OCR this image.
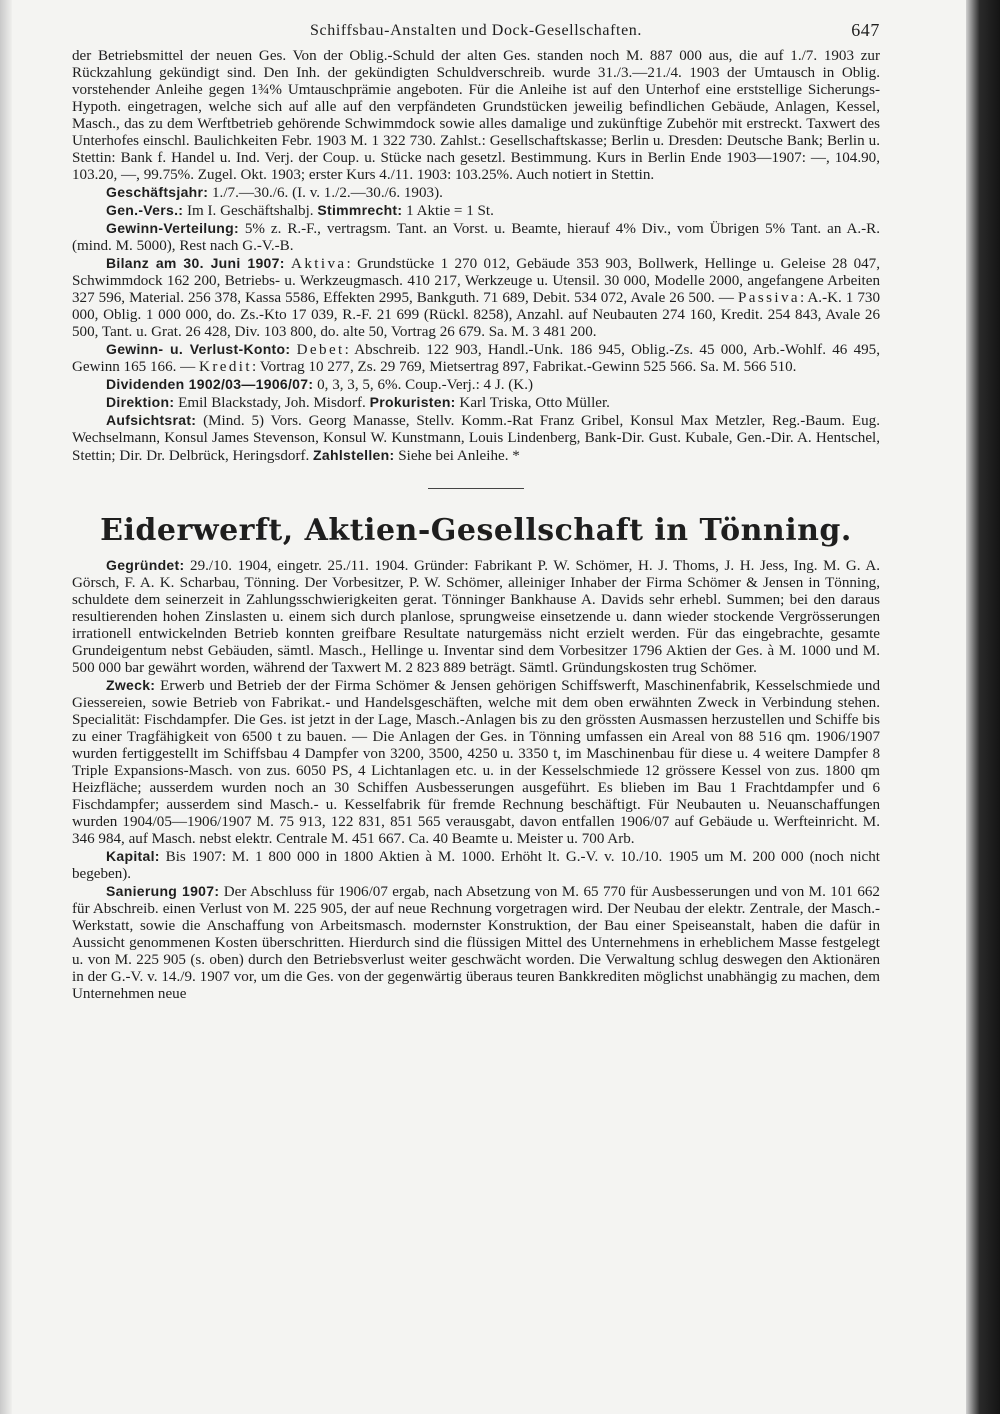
Schiffsbau-Anstalten und Dock-Gesellschaften.	647

der Betriebsmittel der neuen Ges. Von der Oblig.-Schuld der alten Ges. standen noch M. 887 000 aus, die auf 1./7. 1903 zur Rückzahlung gekündigt sind. Den Inh. der gekündigten Schuldverschreib. wurde 31./3.—21./4. 1903 der Umtausch in Oblig. vorstehender Anleihe gegen 1¾% Umtauschprämie angeboten. Für die Anleihe ist auf den Unterhof eine erststellige Sicherungs-Hypoth. eingetragen, welche sich auf alle auf den verpfändeten Grundstücken jeweilig befindlichen Gebäude, Anlagen, Kessel, Masch., das zu dem Werftbetrieb gehörende Schwimmdock sowie alles damalige und zukünftige Zubehör mit erstreckt. Taxwert des Unterhofes einschl. Baulichkeiten Febr. 1903 M. 1 322 730. Zahlst.: Gesellschaftskasse; Berlin u. Dresden: Deutsche Bank; Berlin u. Stettin: Bank f. Handel u. Ind. Verj. der Coup. u. Stücke nach gesetzl. Bestimmung. Kurs in Berlin Ende 1903—1907: —, 104.90, 103.20, —, 99.75%. Zugel. Okt. 1903; erster Kurs 4./11. 1903: 103.25%. Auch notiert in Stettin.

Geschäftsjahr: 1./7.—30./6. (I. v. 1./2.—30./6. 1903).

Gen.-Vers.: Im I. Geschäftshalbj. Stimmrecht: 1 Aktie = 1 St.

Gewinn-Verteilung: 5% z. R.-F., vertragsm. Tant. an Vorst. u. Beamte, hierauf 4% Div., vom Übrigen 5% Tant. an A.-R. (mind. M. 5000), Rest nach G.-V.-B.

Bilanz am 30. Juni 1907: Aktiva: Grundstücke 1 270 012, Gebäude 353 903, Bollwerk, Hellinge u. Geleise 28 047, Schwimmdock 162 200, Betriebs- u. Werkzeugmasch. 410 217, Werkzeuge u. Utensil. 30 000, Modelle 2000, angefangene Arbeiten 327 596, Material. 256 378, Kassa 5586, Effekten 2995, Bankguth. 71 689, Debit. 534 072, Avale 26 500. — Passiva: A.-K. 1 730 000, Oblig. 1 000 000, do. Zs.-Kto 17 039, R.-F. 21 699 (Rückl. 8258), Anzahl. auf Neubauten 274 160, Kredit. 254 843, Avale 26 500, Tant. u. Grat. 26 428, Div. 103 800, do. alte 50, Vortrag 26 679. Sa. M. 3 481 200.

Gewinn- u. Verlust-Konto: Debet: Abschreib. 122 903, Handl.-Unk. 186 945, Oblig.-Zs. 45 000, Arb.-Wohlf. 46 495, Gewinn 165 166. — Kredit: Vortrag 10 277, Zs. 29 769, Mietsertrag 897, Fabrikat.-Gewinn 525 566. Sa. M. 566 510.

Dividenden 1902/03—1906/07: 0, 3, 3, 5, 6%. Coup.-Verj.: 4 J. (K.)

Direktion: Emil Blackstady, Joh. Misdorf. Prokuristen: Karl Triska, Otto Müller.

Aufsichtsrat: (Mind. 5) Vors. Georg Manasse, Stellv. Komm.-Rat Franz Gribel, Konsul Max Metzler, Reg.-Baum. Eug. Wechselmann, Konsul James Stevenson, Konsul W. Kunstmann, Louis Lindenberg, Bank-Dir. Gust. Kubale, Gen.-Dir. A. Hentschel, Stettin; Dir. Dr. Delbrück, Heringsdorf. Zahlstellen: Siehe bei Anleihe. *

Eiderwerft, Aktien-Gesellschaft in Tönning.

Gegründet: 29./10. 1904, eingetr. 25./11. 1904. Gründer: Fabrikant P. W. Schömer, H. J. Thoms, J. H. Jess, Ing. M. G. A. Görsch, F. A. K. Scharbau, Tönning. Der Vorbesitzer, P. W. Schömer, alleiniger Inhaber der Firma Schömer & Jensen in Tönning, schuldete dem seinerzeit in Zahlungsschwierigkeiten gerat. Tönninger Bankhause A. Davids sehr erhebl. Summen; bei den daraus resultierenden hohen Zinslasten u. einem sich durch planlose, sprungweise einsetzende u. dann wieder stockende Vergrösserungen irrationell entwickelnden Betrieb konnten greifbare Resultate naturgemäss nicht erzielt werden. Für das eingebrachte, gesamte Grundeigentum nebst Gebäuden, sämtl. Masch., Hellinge u. Inventar sind dem Vorbesitzer 1796 Aktien der Ges. à M. 1000 und M. 500 000 bar gewährt worden, während der Taxwert M. 2 823 889 beträgt. Sämtl. Gründungskosten trug Schömer.

Zweck: Erwerb und Betrieb der der Firma Schömer & Jensen gehörigen Schiffswerft, Maschinenfabrik, Kesselschmiede und Giessereien, sowie Betrieb von Fabrikat.- und Handelsgeschäften, welche mit dem oben erwähnten Zweck in Verbindung stehen. Specialität: Fischdampfer. Die Ges. ist jetzt in der Lage, Masch.-Anlagen bis zu den grössten Ausmassen herzustellen und Schiffe bis zu einer Tragfähigkeit von 6500 t zu bauen. — Die Anlagen der Ges. in Tönning umfassen ein Areal von 88 516 qm. 1906/1907 wurden fertiggestellt im Schiffsbau 4 Dampfer von 3200, 3500, 4250 u. 3350 t, im Maschinenbau für diese u. 4 weitere Dampfer 8 Triple Expansions-Masch. von zus. 6050 PS, 4 Lichtanlagen etc. u. in der Kesselschmiede 12 grössere Kessel von zus. 1800 qm Heizfläche; ausserdem wurden noch an 30 Schiffen Ausbesserungen ausgeführt. Es blieben im Bau 1 Frachtdampfer und 6 Fischdampfer; ausserdem sind Masch.- u. Kesselfabrik für fremde Rechnung beschäftigt. Für Neubauten u. Neuanschaffungen wurden 1904/05—1906/1907 M. 75 913, 122 831, 851 565 verausgabt, davon entfallen 1906/07 auf Gebäude u. Werfteinricht. M. 346 984, auf Masch. nebst elektr. Centrale M. 451 667. Ca. 40 Beamte u. Meister u. 700 Arb.

Kapital: Bis 1907: M. 1 800 000 in 1800 Aktien à M. 1000. Erhöht lt. G.-V. v. 10./10. 1905 um M. 200 000 (noch nicht begeben).

Sanierung 1907: Der Abschluss für 1906/07 ergab, nach Absetzung von M. 65 770 für Ausbesserungen und von M. 101 662 für Abschreib. einen Verlust von M. 225 905, der auf neue Rechnung vorgetragen wird. Der Neubau der elektr. Zentrale, der Masch.-Werkstatt, sowie die Anschaffung von Arbeitsmasch. modernster Konstruktion, der Bau einer Speiseanstalt, haben die dafür in Aussicht genommenen Kosten überschritten. Hierdurch sind die flüssigen Mittel des Unternehmens in erheblichem Masse festgelegt u. von M. 225 905 (s. oben) durch den Betriebsverlust weiter geschwächt worden. Die Verwaltung schlug deswegen den Aktionären in der G.-V. v. 14./9. 1907 vor, um die Ges. von der gegenwärtig überaus teuren Bankkrediten möglichst unabhängig zu machen, dem Unternehmen neue
